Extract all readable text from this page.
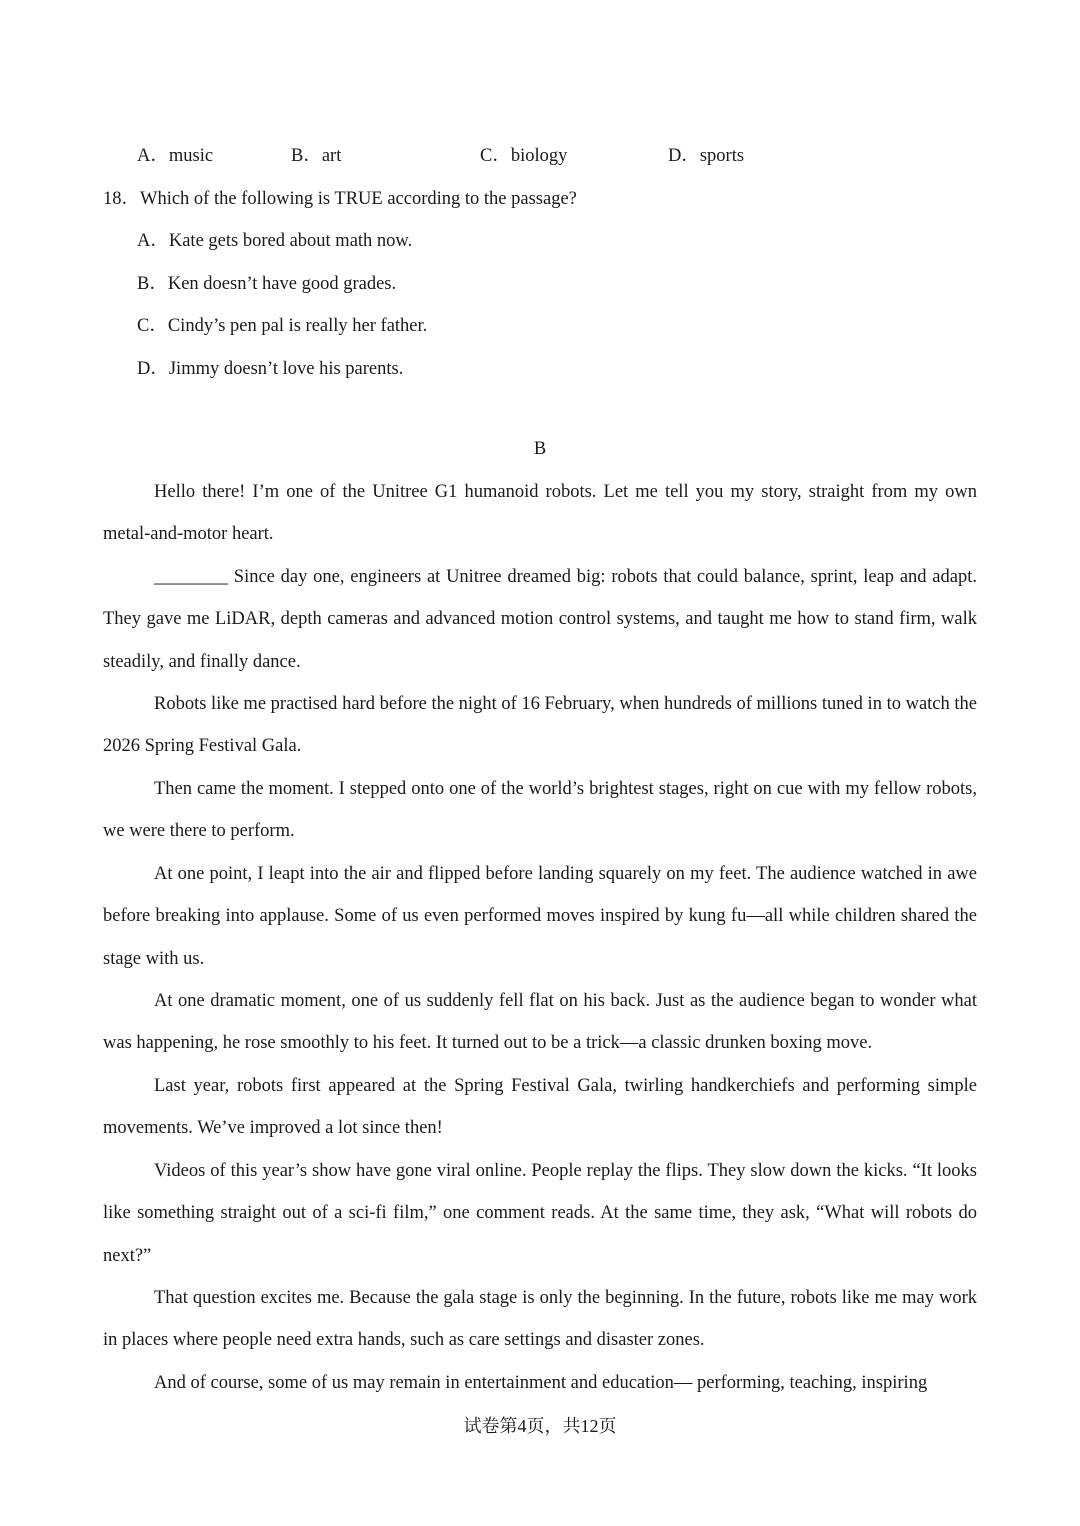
A．music	B．art	C．biology	D．sports
18．Which of the following is TRUE according to the passage?
A．Kate gets bored about math now.
B．Ken doesn’t have good grades.
C．Cindy’s pen pal is really her father.
D．Jimmy doesn’t love his parents.
B

Hello there! I’m one of the Unitree G1 humanoid robots. Let me tell you my story, straight from my own metal-and-motor heart.

________ Since day one, engineers at Unitree dreamed big: robots that could balance, sprint, leap and adapt. They gave me LiDAR, depth cameras and advanced motion control systems, and taught me how to stand firm, walk steadily, and finally dance.

Robots like me practised hard before the night of 16 February, when hundreds of millions tuned in to watch the 2026 Spring Festival Gala.

Then came the moment. I stepped onto one of the world’s brightest stages, right on cue with my fellow robots, we were there to perform.

At one point, I leapt into the air and flipped before landing squarely on my feet. The audience watched in awe before breaking into applause. Some of us even performed moves inspired by kung fu—all while children shared the stage with us.

At one dramatic moment, one of us suddenly fell flat on his back. Just as the audience began to wonder what was happening, he rose smoothly to his feet. It turned out to be a trick—a classic drunken boxing move.

Last year, robots first appeared at the Spring Festival Gala, twirling handkerchiefs and performing simple movements. We’ve improved a lot since then!

Videos of this year’s show have gone viral online. People replay the flips. They slow down the kicks. “It looks like something straight out of a sci-fi film,” one comment reads. At the same time, they ask, “What will robots do next?”

That question excites me. Because the gala stage is only the beginning. In the future, robots like me may work in places where people need extra hands, such as care settings and disaster zones.

And of course, some of us may remain in entertainment and education— performing, teaching, inspiring

试卷第4页，共12页
